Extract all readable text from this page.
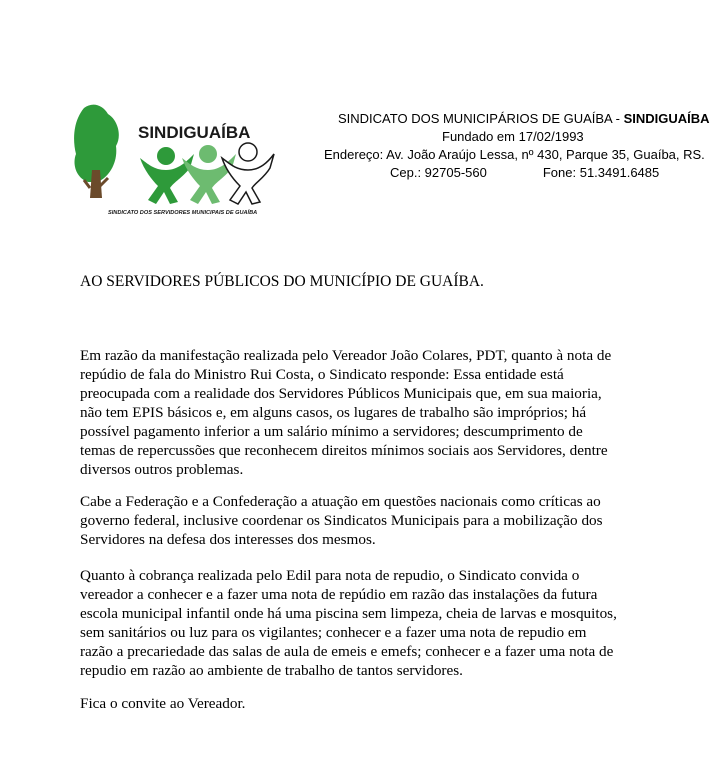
SINDIGUAÍBA
SINDICATO DOS SERVIDORES MUNICIPAIS DE GUAÍBA
SINDICATO DOS MUNICIPÁRIOS DE GUAÍBA - SINDIGUAÍBA
Fundado em 17/02/1993
Endereço: Av. João Araújo Lessa, nº 430, Parque 35, Guaíba, RS.
Cep.: 92705-560	Fone: 51.3491.6485

AO SERVIDORES PÚBLICOS DO MUNICÍPIO DE GUAÍBA.

Em razão da manifestação realizada pelo Vereador João Colares, PDT, quanto à nota de
repúdio de fala do Ministro Rui Costa, o Sindicato responde: Essa entidade está
preocupada com a realidade dos Servidores Públicos Municipais que, em sua maioria,
não tem EPIS básicos e, em alguns casos, os lugares de trabalho são impróprios; há
possível pagamento inferior a um salário mínimo a servidores; descumprimento de
temas de repercussões que reconhecem direitos mínimos sociais aos Servidores, dentre
diversos outros problemas.

Cabe a Federação e a Confederação a atuação em questões nacionais como críticas ao
governo federal, inclusive coordenar os Sindicatos Municipais para a mobilização dos
Servidores na defesa dos interesses dos mesmos.

Quanto à cobrança realizada pelo Edil para nota de repudio, o Sindicato convida o
vereador a conhecer e a fazer uma nota de repúdio em razão das instalações da futura
escola municipal infantil onde há uma piscina sem limpeza, cheia de larvas e mosquitos,
sem sanitários ou luz para os vigilantes; conhecer e a fazer uma nota de repudio em
razão a precariedade das salas de aula de emeis e emefs; conhecer e a fazer uma nota de
repudio em razão ao ambiente de trabalho de tantos servidores.

Fica o convite ao Vereador.
